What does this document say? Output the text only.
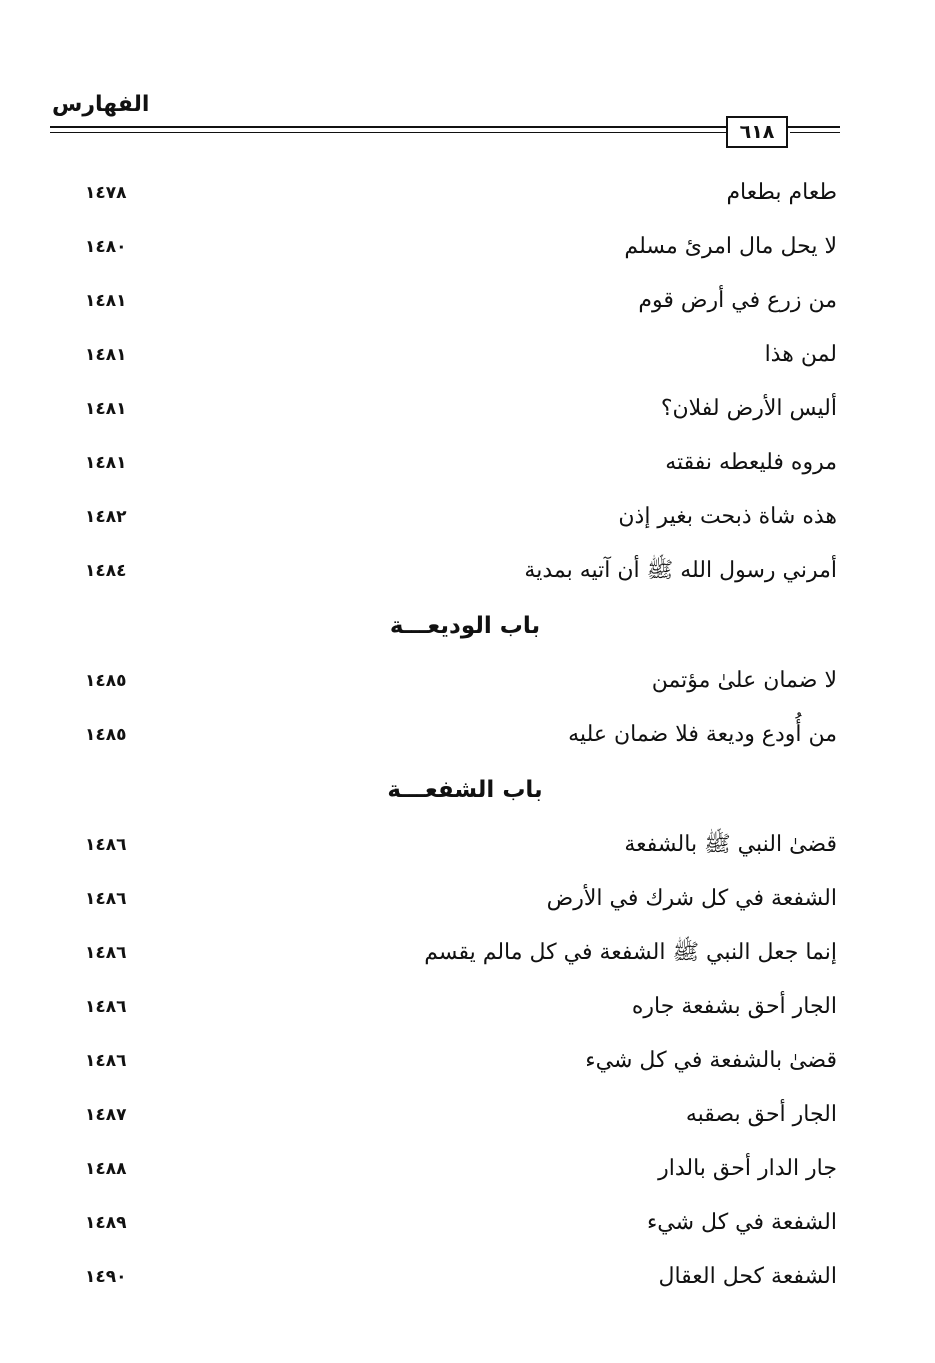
الفهارس
٦١٨
طعام بطعام
١٤٧٨
لا يحل مال امرئ مسلم
١٤٨٠
من زرع في أرض قوم
١٤٨١
لمن هذا
١٤٨١
أليس الأرض لفلان؟
١٤٨١
مروه فليعطه نفقته
١٤٨١
هذه شاة ذبحت بغير إذن
١٤٨٢
أمرني رسول الله ﷺ أن آتيه بمدية
١٤٨٤
باب الوديعـــة
لا ضمان علىٰ مؤتمن
١٤٨٥
من أُودع وديعة فلا ضمان عليه
١٤٨٥
باب الشفعـــة
قضىٰ النبي ﷺ بالشفعة
١٤٨٦
الشفعة في كل شرك في الأرض
١٤٨٦
إنما جعل النبي ﷺ الشفعة في كل مالم يقسم
١٤٨٦
الجار أحق بشفعة جاره
١٤٨٦
قضىٰ بالشفعة في كل شيء
١٤٨٦
الجار أحق بصقبه
١٤٨٧
جار الدار أحق بالدار
١٤٨٨
الشفعة في كل شيء
١٤٨٩
الشفعة كحل العقال
١٤٩٠
